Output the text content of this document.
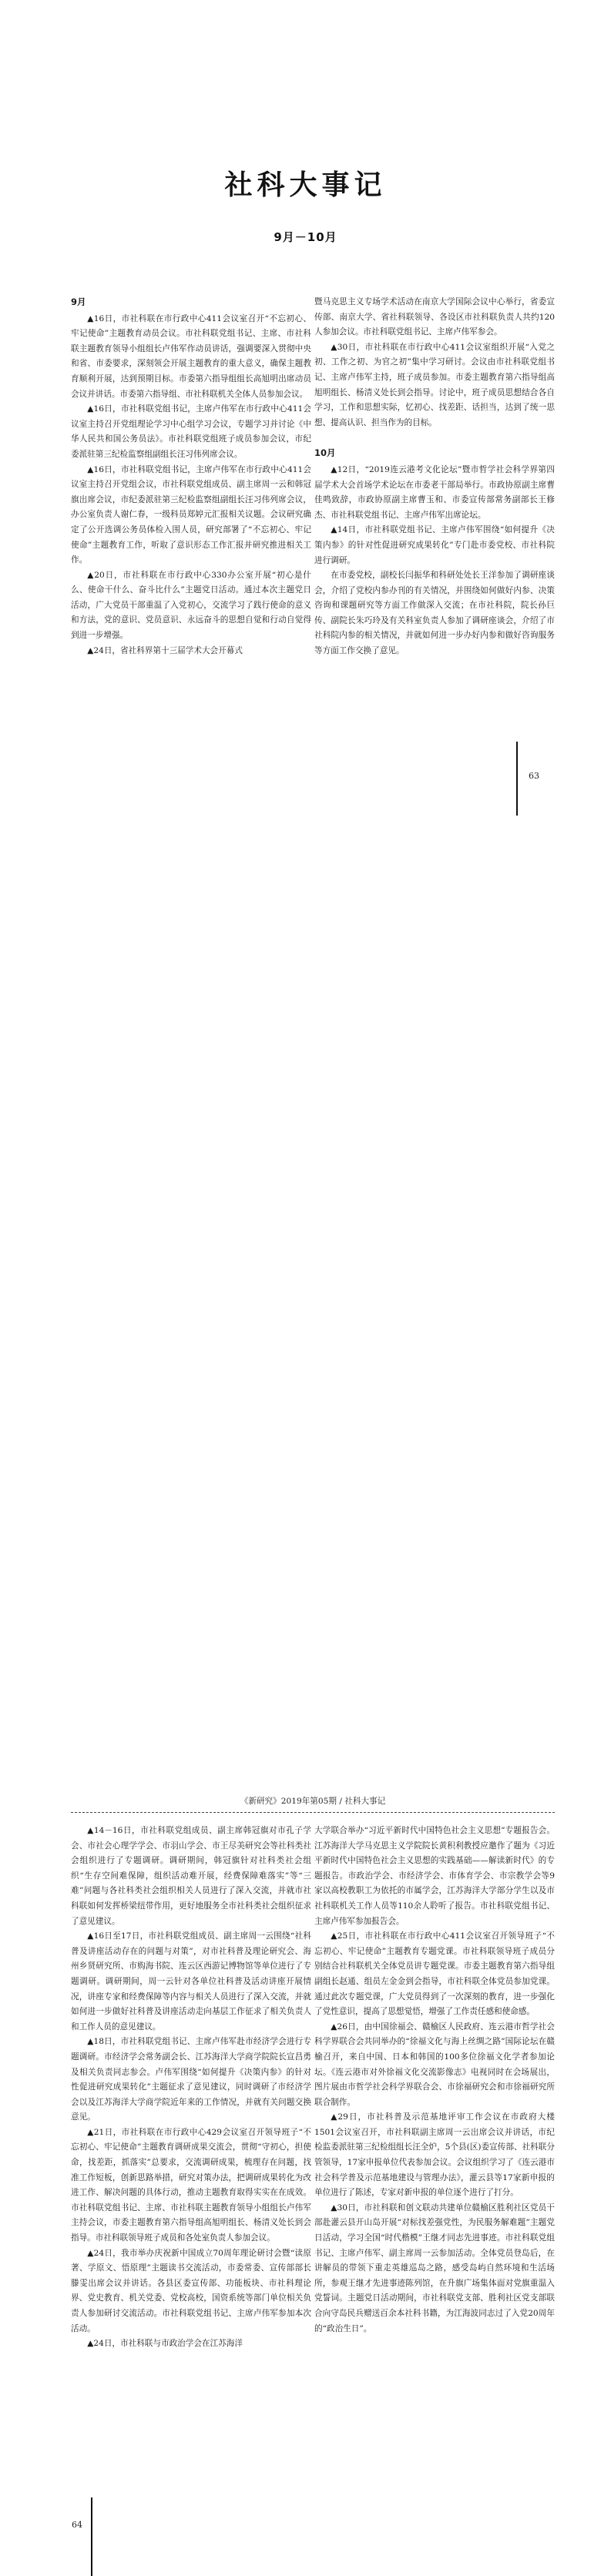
社科大事记
9月－10月
9月

▲16日，市社科联在市行政中心411会议室召开“不忘初心、牢记使命”主题教育动员会议。市社科联党组书记、主席、市社科联主题教育领导小组组长卢伟军作动员讲话，强调要深入贯彻中央和省、市委要求，深刻领会开展主题教育的重大意义，确保主题教育顺利开展，达到预期目标。市委第六指导组组长高旭明出席动员会议并讲话。市委第六指导组、市社科联机关全体人员参加会议。

▲16日，市社科联党组书记，主席卢伟军在市行政中心411会议室主持召开党组理论学习中心组学习会议，专题学习并讨论《中华人民共和国公务员法》。市社科联党组班子成员参加会议，市纪委派驻第三纪检监察组副组长汪习伟列席会议。

▲16日，市社科联党组书记，主席卢伟军在市行政中心411会议室主持召开党组会议，市社科联党组成员、副主席周一云和韩冠旗出席会议，市纪委派驻第三纪检监察组副组长汪习伟列席会议，办公室负责人谢仁春，一级科员郑婷元汇报相关议题。会议研究确定了公开选调公务员体检入围人员，研究部署了“不忘初心、牢记使命”主题教育工作，听取了意识形态工作汇报并研究推进相关工作。

▲20日，市社科联在市行政中心330办公室开展“初心是什么、使命干什么、奋斗比什么”主题党日活动。通过本次主题党日活动，广大党员干部重温了入党初心，交流学习了践行使命的意义和方法，党的意识、党员意识、永远奋斗的思想自觉和行动自觉得到进一步增强。

▲24日，省社科界第十三届学术大会开幕式

暨马克思主义专场学术活动在南京大学国际会议中心举行，省委宣传部、南京大学、省社科联领导、各设区市社科联负责人共约120人参加会议。市社科联党组书记、主席卢伟军参会。

▲30日，市社科联在市行政中心411会议室组织开展“入党之初、工作之初、为官之初”集中学习研讨。会议由市社科联党组书记、主席卢伟军主持，班子成员参加。市委主题教育第六指导组高旭明组长、杨清义处长到会指导。讨论中，班子成员思想结合各自学习，工作和思想实际，忆初心、找差距、话担当，达到了统一思想、提高认识、担当作为的目标。

10月

▲12日，“2019连云港考文化论坛”暨市哲学社会科学界第四届学术大会首场学术论坛在市委老干部局举行。市政协原副主席曹佳鸣致辞，市政协原副主席曹玉和、市委宣传部常务副部长王修杰、市社科联党组书记、主席卢伟军出席论坛。

▲14日，市社科联党组书记、主席卢伟军围绕“如何提升《决策内参》的针对性促进研究成果转化”专门赴市委党校、市社科院进行调研。

在市委党校，副校长闫振华和科研处处长王洋参加了调研座谈会，介绍了党校内参办刊的有关情况，并围绕如何做好内参、决策咨询和课题研究等方面工作做深入交流；在市社科院，院长孙巨传、副院长朱巧玲及有关科室负责人参加了调研座谈会，介绍了市社科院内参的相关情况，并就如何进一步办好内参和做好咨询服务等方面工作交换了意见。

63
《新研究》2019年第05期 / 社科大事记

▲14－16日，市社科联党组成员、副主席韩冠旗对市孔子学会、市社会心理学学会、市羽山学会、市王尽美研究会等社科类社会组织进行了专题调研。调研期间，韩冠旗针对社科类社会组织“生存空间难保障，组织活动难开展，经费保障难落实”等“三难”问题与各社科类社会组织相关人员进行了深入交流，并就市社科联如何发挥桥梁纽带作用，更好地服务全市社科类社会组织征求了意见建议。

▲16日至17日，市社科联党组成员、副主席周一云围绕“社科普及讲座活动存在的问题与对策”，对市社科普及理论研究会、海州乡贤研究所、市购海书院、连云区西游记博物馆等单位进行了专题调研。调研期间，周一云针对各单位社科普及活动讲座开展情况，讲座专家和经费保障等内容与相关人员进行了深入交流，并就如何进一步做好社科普及讲座活动走向基层工作征求了相关负责人和工作人员的意见建议。

▲18日，市社科联党组书记、主席卢伟军赴市经济学会进行专题调研。市经济学会常务副会长、江苏海洋大学商学院院长宣昌勇及相关负责同志参会。卢伟军围绕“如何提升《决策内参》的针对性促进研究成果转化”主题征求了意见建议，同时调研了市经济学会以及江苏海洋大学商学院近年来的工作情况，并就有关问题交换意见。

▲21日，市社科联在市行政中心429会议室召开领导班子“不忘初心、牢记使命”主题教育调研成果交流会，贯彻“守初心，担使命，找差距，抓落实”总要求，交流调研成果，梳理存在问题，找准工作短板，创新思路举措，研究对策办法，把调研成果转化为改进工作、解决问题的具体行动，推动主题教育取得实实在在成效。市社科联党组书记、主席、市社科联主题教育领导小组组长卢伟军主持会议，市委主题教育第六指导组高旭明组长、杨清义处长到会指导。市社科联领导班子成员和各处室负责人参加会议。

▲24日，我市举办庆祝新中国成立70周年理论研讨会暨“读原著、学原文、悟原理”主题读书交流活动，市委常委、宣传部部长滕雯出席会议并讲话。各县区委宣传部、功能板块、市社科理论界、党史教育、机关党委、党校高校，国资系统等部门单位相关负责人参加研讨交流活动。市社科联党组书记、主席卢伟军参加本次活动。

▲24日，市社科联与市政治学会在江苏海洋

大学联合举办“习近平新时代中国特色社会主义思想”专题报告会。江苏海洋大学马克思主义学院院长黄积利教授应邀作了题为《习近平新时代中国特色社会主义思想的实践基础——解读新时代》的专题报告。市政治学会、市经济学会、市体育学会、市宗教学会等9家以高校教职工为依托的市属学会，江苏海洋大学部分学生以及市社科联机关工作人员等110余人聆听了报告。市社科联党组书记、主席卢伟军参加报告会。

▲25日，市社科联在市行政中心411会议室召开领导班子“不忘初心、牢记使命”主题教育专题党课。市社科联领导班子成员分别结合社科联机关全体党员讲专题党课。市委主题教育第六指导组副组长赵通、组员左金金到会指导，市社科联全体党员参加党课。通过此次专题党课，广大党员得到了一次深刻的教育，进一步强化了党性意识，提高了思想觉悟，增强了工作责任感和使命感。

▲26日，由中国徐福会、赣榆区人民政府、连云港市哲学社会科学界联合会共同举办的“徐福文化与海上丝绸之路”国际论坛在赣榆召开，来自中国、日本和韩国的100多位徐福文化学者参加论坛。《连云港市对外徐福文化交流影像志》电视同时在会场展出，图片展由市哲学社会科学界联合会、市徐福研究会和市徐福研究所联合制作。

▲29日，市社科普及示范基地评审工作会议在市政府大楼1501会议室召开，市社科联副主席周一云出席会议并讲话，市纪检监委派驻第三纪检组组长汪全炉，5个县(区)委宣传部、社科联分管领导，17家申报单位代表参加会议。会议组织学习了《连云港市社会科学普及示范基地建设与管理办法》，灌云县等17家新申报的单位进行了陈述，专家对新申报的单位逐个进行了打分。

▲30日，市社科联和创文联动共建单位赣榆区胜利社区党员干部赴灌云县开山岛开展“对标找差强党性，为民服务解难题”主题党日活动，学习全国“时代楷模”王继才同志先进事迹。市社科联党组书记、主席卢伟军、副主席周一云参加活动。全体党员登岛后，在讲解员的带领下重走英雄巡岛之路，感受岛屿自然环境和生活场所，参观王继才先进事迹陈列馆，在升旗广场集体面对党旗重温入党誓词。主题党日活动期间，市社科联党支部、胜利社区党支部联合向守岛民兵赠送百余本社科书籍，为江海波同志过了入党20周年的“政治生日”。

64
